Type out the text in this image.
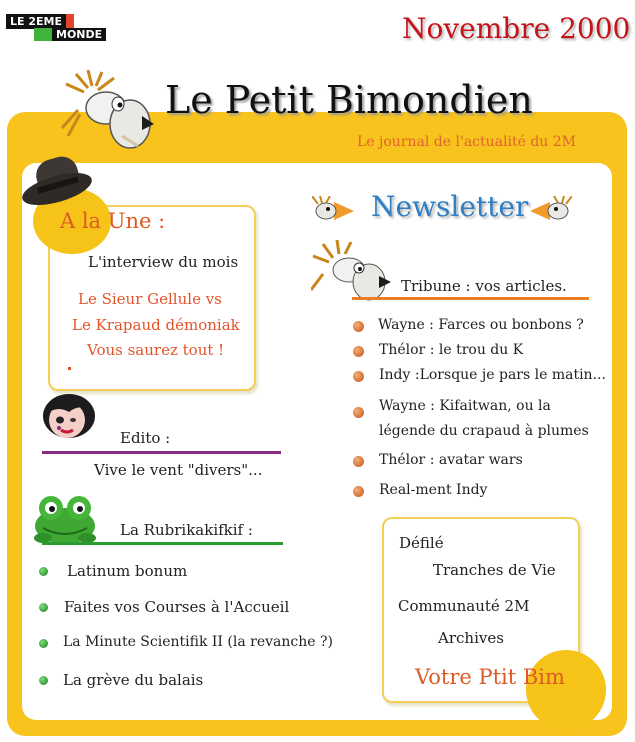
LE 2EME
MONDE	Novembre 2000
Le Petit Bimondien
Le journal de l'actualité du 2M
A la Une :
L'interview du mois
Le Sieur Gellule vs
Le Krapaud démoniak
Vous saurez tout !
Edito :
Vive le vent "divers"...
La Rubrikakifkif :
Latinum bonum
Faites vos Courses à l'Accueil
La Minute Scientifik II (la revanche ?)
La grève du balais
Newsletter
Tribune : vos articles.
Wayne : Farces ou bonbons ?
Thélor : le trou du K
Indy :Lorsque je pars le matin...
Wayne : Kifaitwan, ou la
légende du crapaud à plumes
Thélor : avatar wars
Real-ment Indy
Défilé
Tranches de Vie
Communauté 2M
Archives
Votre Ptit Bim
